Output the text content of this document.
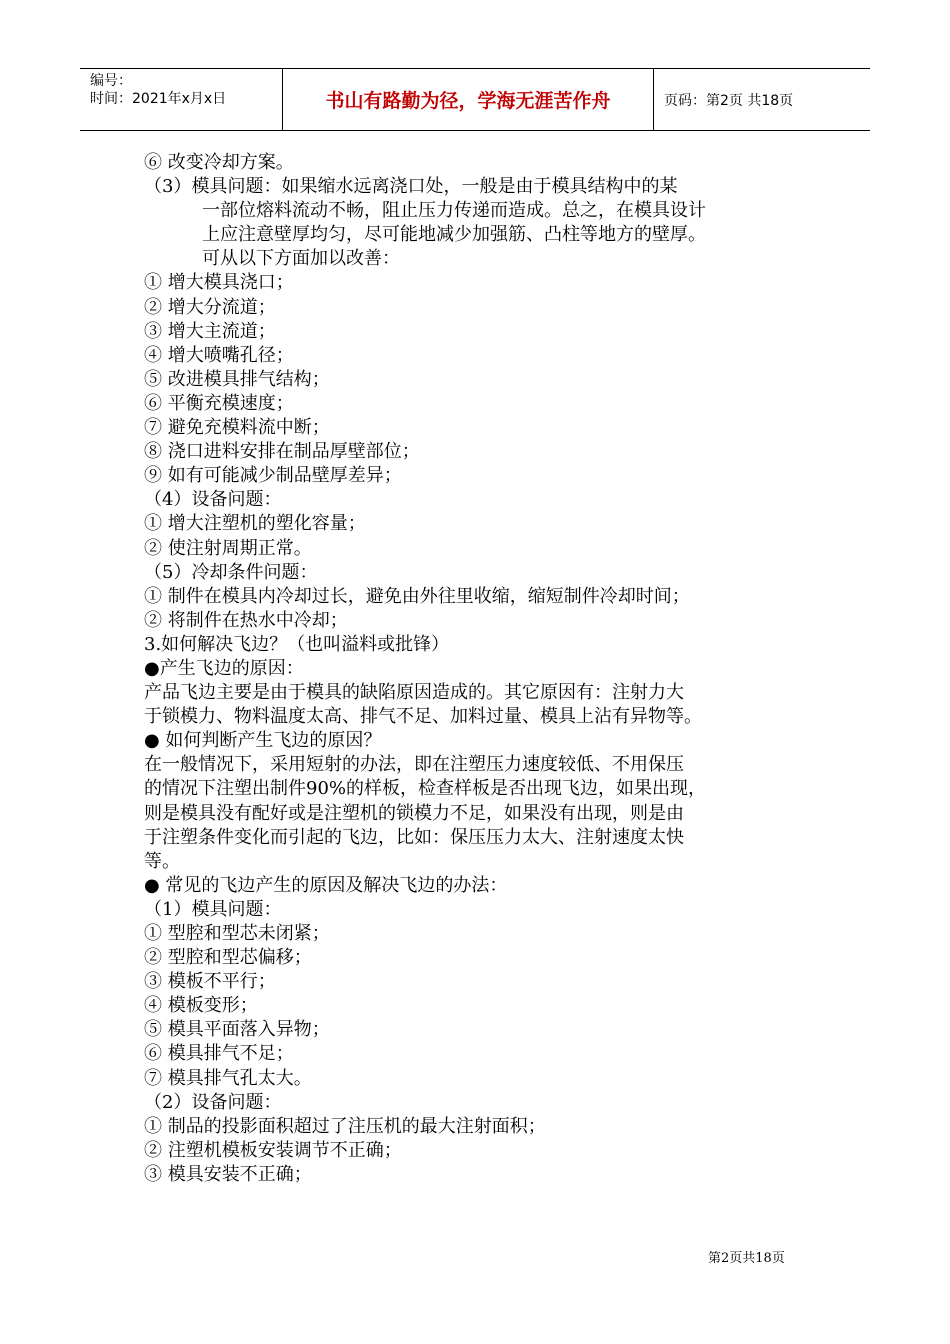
编号：
时间：2021年x月x日	书山有路勤为径，学海无涯苦作舟	页码：第2页 共18页
⑥ 改变冷却方案。
（3）模具问题：如果缩水远离浇口处，一般是由于模具结构中的某
一部位熔料流动不畅，阻止压力传递而造成。总之，在模具设计
上应注意壁厚均匀，尽可能地减少加强筋、凸柱等地方的壁厚。
可从以下方面加以改善：
① 增大模具浇口；
② 增大分流道；
③ 增大主流道；
④ 增大喷嘴孔径；
⑤ 改进模具排气结构；
⑥ 平衡充模速度；
⑦ 避免充模料流中断；
⑧ 浇口进料安排在制品厚壁部位；
⑨ 如有可能减少制品壁厚差异；
（4）设备问题：
① 增大注塑机的塑化容量；
② 使注射周期正常。
（5）冷却条件问题：
① 制件在模具内冷却过长，避免由外往里收缩，缩短制件冷却时间；
② 将制件在热水中冷却；
3.如何解决飞边？（也叫溢料或批锋）
●产生飞边的原因：
产品飞边主要是由于模具的缺陷原因造成的。其它原因有：注射力大
于锁模力、物料温度太高、排气不足、加料过量、模具上沾有异物等。
● 如何判断产生飞边的原因？
在一般情况下，采用短射的办法，即在注塑压力速度较低、不用保压
的情况下注塑出制件90%的样板，检查样板是否出现飞边，如果出现，
则是模具没有配好或是注塑机的锁模力不足，如果没有出现，则是由
于注塑条件变化而引起的飞边，比如：保压压力太大、注射速度太快
等。
● 常见的飞边产生的原因及解决飞边的办法：
（1）模具问题：
① 型腔和型芯未闭紧；
② 型腔和型芯偏移；
③ 模板不平行；
④ 模板变形；
⑤ 模具平面落入异物；
⑥ 模具排气不足；
⑦ 模具排气孔太大。
（2）设备问题：
① 制品的投影面积超过了注压机的最大注射面积；
② 注塑机模板安装调节不正确；
③ 模具安装不正确；
第2页共18页
